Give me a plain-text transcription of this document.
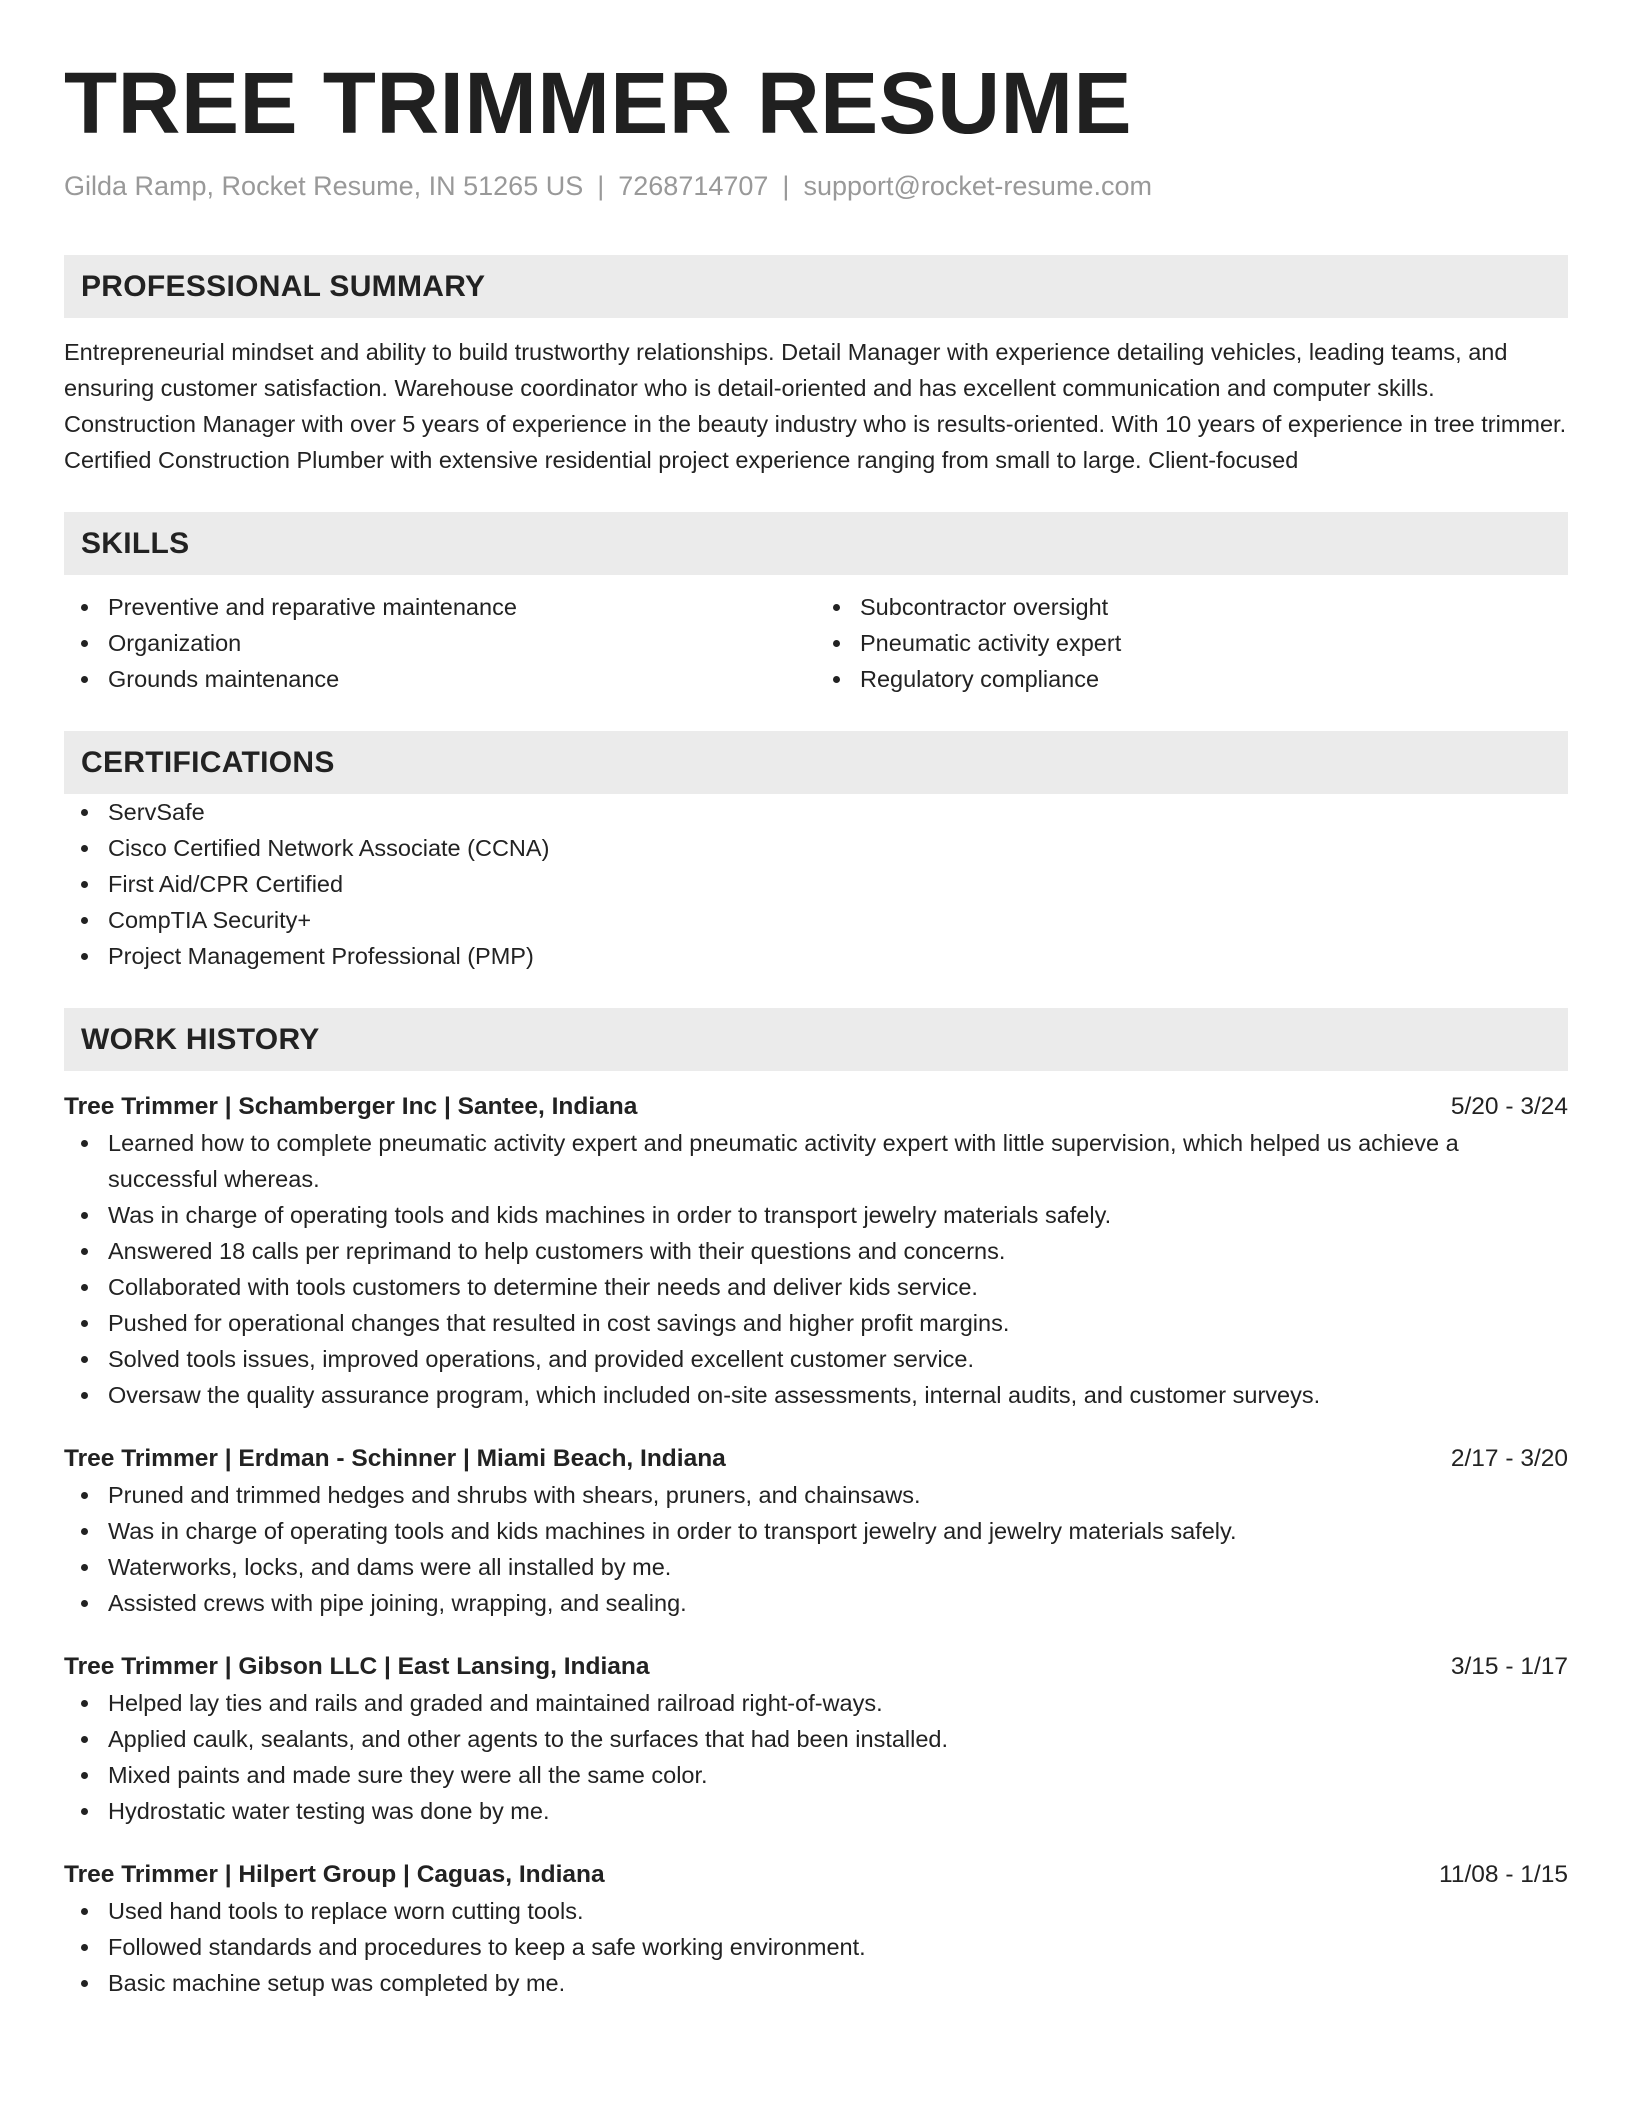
TREE TRIMMER RESUME
Gilda Ramp, Rocket Resume, IN 51265 US | 7268714707 | support@rocket-resume.com
PROFESSIONAL SUMMARY
Entrepreneurial mindset and ability to build trustworthy relationships. Detail Manager with experience detailing vehicles, leading teams, and ensuring customer satisfaction. Warehouse coordinator who is detail-oriented and has excellent communication and computer skills. Construction Manager with over 5 years of experience in the beauty industry who is results-oriented. With 10 years of experience in tree trimmer. Certified Construction Plumber with extensive residential project experience ranging from small to large. Client-focused
SKILLS
Preventive and reparative maintenance
Organization
Grounds maintenance
Subcontractor oversight
Pneumatic activity expert
Regulatory compliance
CERTIFICATIONS
ServSafe
Cisco Certified Network Associate (CCNA)
First Aid/CPR Certified
CompTIA Security+
Project Management Professional (PMP)
WORK HISTORY
Tree Trimmer | Schamberger Inc | Santee, Indiana	5/20 - 3/24
Learned how to complete pneumatic activity expert and pneumatic activity expert with little supervision, which helped us achieve a successful whereas.
Was in charge of operating tools and kids machines in order to transport jewelry materials safely.
Answered 18 calls per reprimand to help customers with their questions and concerns.
Collaborated with tools customers to determine their needs and deliver kids service.
Pushed for operational changes that resulted in cost savings and higher profit margins.
Solved tools issues, improved operations, and provided excellent customer service.
Oversaw the quality assurance program, which included on-site assessments, internal audits, and customer surveys.
Tree Trimmer | Erdman - Schinner | Miami Beach, Indiana	2/17 - 3/20
Pruned and trimmed hedges and shrubs with shears, pruners, and chainsaws.
Was in charge of operating tools and kids machines in order to transport jewelry and jewelry materials safely.
Waterworks, locks, and dams were all installed by me.
Assisted crews with pipe joining, wrapping, and sealing.
Tree Trimmer | Gibson LLC | East Lansing, Indiana	3/15 - 1/17
Helped lay ties and rails and graded and maintained railroad right-of-ways.
Applied caulk, sealants, and other agents to the surfaces that had been installed.
Mixed paints and made sure they were all the same color.
Hydrostatic water testing was done by me.
Tree Trimmer | Hilpert Group | Caguas, Indiana	11/08 - 1/15
Used hand tools to replace worn cutting tools.
Followed standards and procedures to keep a safe working environment.
Basic machine setup was completed by me.
